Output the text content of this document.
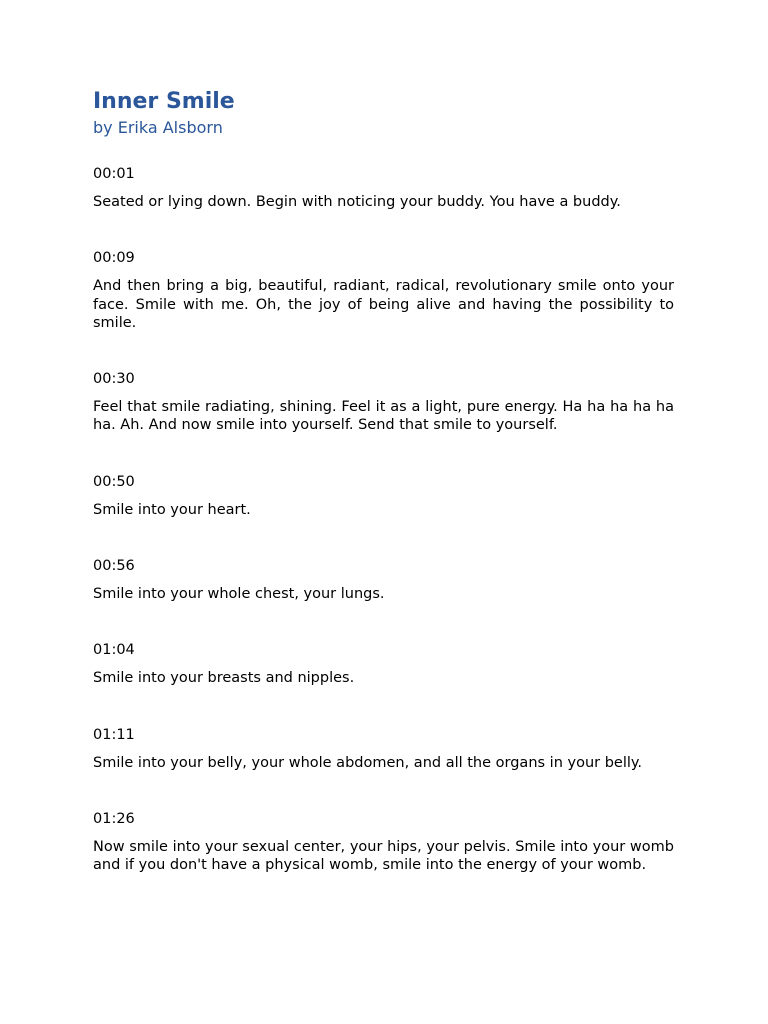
Inner Smile
by Erika Alsborn
00:01

Seated or lying down. Begin with noticing your buddy. You have a buddy.

00:09

And then bring a big, beautiful, radiant, radical, revolutionary smile onto your face. Smile with me. Oh, the joy of being alive and having the possibility to smile.

00:30

Feel that smile radiating, shining. Feel it as a light, pure energy. Ha ha ha ha ha ha. Ah. And now smile into yourself. Send that smile to yourself.

00:50

Smile into your heart.

00:56

Smile into your whole chest, your lungs.

01:04

Smile into your breasts and nipples.

01:11

Smile into your belly, your whole abdomen, and all the organs in your belly.

01:26

Now smile into your sexual center, your hips, your pelvis. Smile into your womb and if you don't have a physical womb, smile into the energy of your womb.
